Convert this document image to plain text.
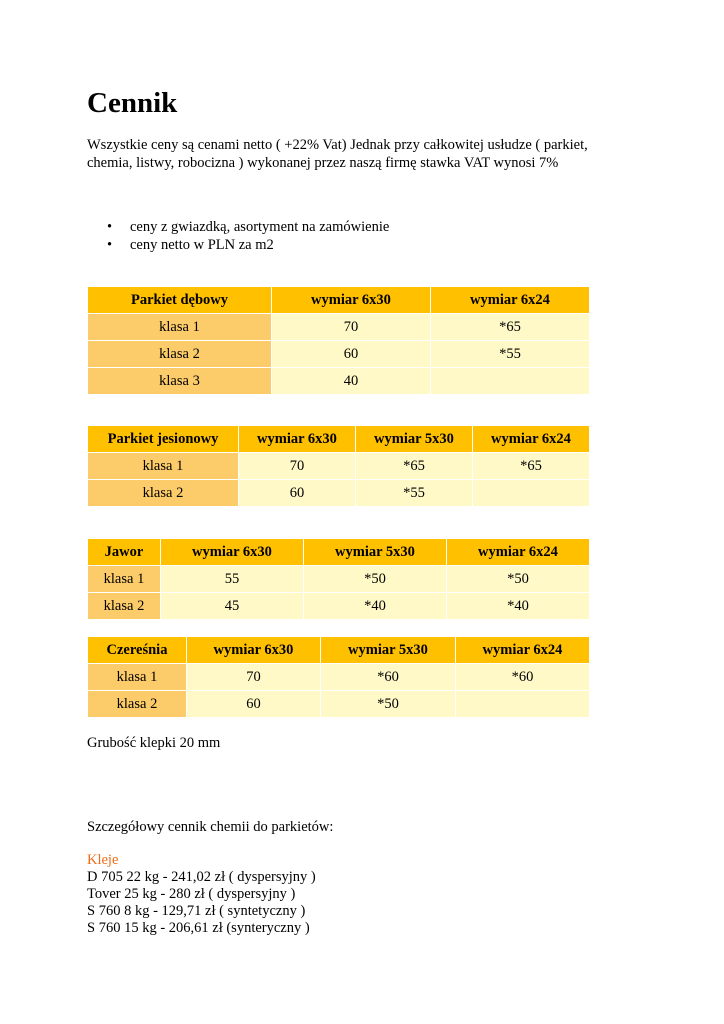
Cennik

Wszystkie ceny są cenami netto ( +22% Vat) Jednak przy całkowitej usłudze ( parkiet, chemia, listwy, robocizna ) wykonanej przez naszą firmę stawka VAT wynosi 7%

• ceny z gwiazdką, asortyment na zamówienie
• ceny netto w PLN za m2
Parkiet dębowy	wymiar 6x30	wymiar 6x24
klasa 1	70	*65
klasa 2	60	*55
klasa 3	40	
Parkiet jesionowy	wymiar 6x30	wymiar 5x30	wymiar 6x24
klasa 1	70	*65	*65
klasa 2	60	*55	
Jawor	wymiar 6x30	wymiar 5x30	wymiar 6x24
klasa 1	55	*50	*50
klasa 2	45	*40	*40
Czereśnia	wymiar 6x30	wymiar 5x30	wymiar 6x24
klasa 1	70	*60	*60
klasa 2	60	*50	

Grubość klepki 20 mm

Szczegółowy cennik chemii do parkietów:

Kleje
D 705 22 kg - 241,02 zł ( dyspersyjny )
Tover 25 kg - 280 zł ( dyspersyjny )
S 760 8 kg - 129,71 zł ( syntetyczny )
S 760 15 kg - 206,61 zł (synteryczny )
